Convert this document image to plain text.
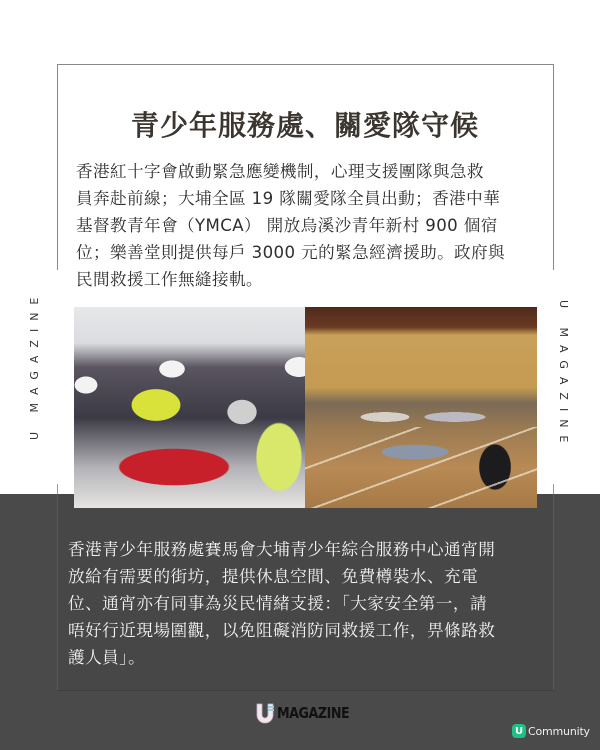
青少年服務處、關愛隊守候
香港紅十字會啟動緊急應變機制，心理支援團隊與急救
員奔赴前線；大埔全區 19 隊關愛隊全員出動；香港中華
基督教青年會（YMCA） 開放烏溪沙青年新村 900 個宿
位；樂善堂則提供每戶 3000 元的緊急經濟援助。政府與
民間救援工作無縫接軌。
U MAGAZINE	U MAGAZINE
香港青少年服務處賽馬會大埔青少年綜合服務中心通宵開
放給有需要的街坊，提供休息空間、免費樽裝水、充電
位、通宵亦有同事為災民情緒支援：「大家安全第一，請
唔好行近現場圍觀，以免阻礙消防同救援工作，畀條路救
護人員」。
MAGAZINE
U Community
